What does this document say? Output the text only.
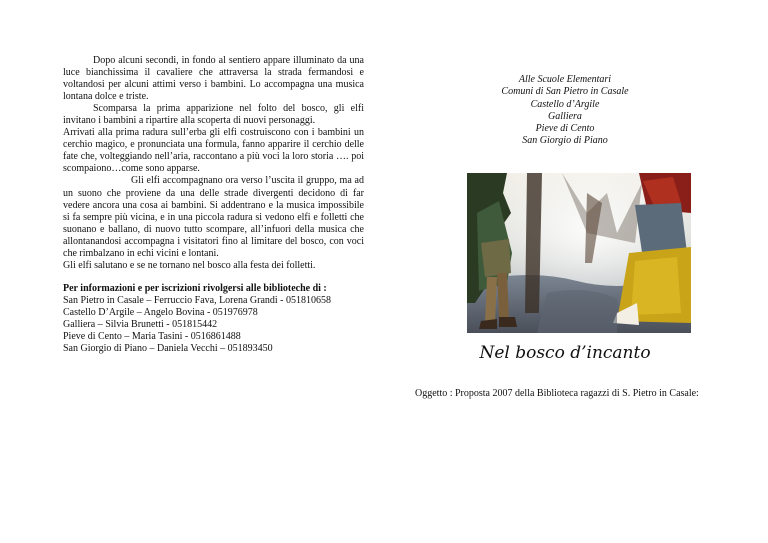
Dopo alcuni secondi, in fondo al sentiero appare illuminato da una luce bianchissima il cavaliere che attraversa la strada fermandosi e voltandosi per alcuni attimi verso i bambini. Lo accompagna una musica lontana dolce e triste.

Scomparsa la prima apparizione nel folto del bosco, gli elfi invitano i bambini a ripartire alla scoperta di nuovi personaggi.

Arrivati alla prima radura sull’erba gli elfi costruiscono con i bambini un cerchio magico, e pronunciata una formula, fanno apparire il cerchio delle fate che, volteggiando nell’aria, raccontano a più voci la loro storia …. poi scompaiono…come sono apparse.

Gli elfi accompagnano ora verso l’uscita il gruppo, ma ad un suono che proviene da una delle strade divergenti decidono di far vedere ancora una cosa ai bambini. Si addentrano e la musica impossibile si fa sempre più vicina, e in una piccola radura si vedono elfi e folletti che suonano e ballano, di nuovo tutto scompare, all’infuori della musica che allontanandosi accompagna i visitatori fino al limitare del bosco, con voci che rimbalzano in echi vicini e lontani.

Gli elfi salutano e se ne tornano nel bosco alla festa dei folletti.

Per informazioni e per iscrizioni rivolgersi alle biblioteche di :
San Pietro in Casale – Ferruccio Fava, Lorena Grandi - 051810658
Castello D’Argile – Angelo Bovina - 051976978
Galliera – Silvia Brunetti - 051815442
Pieve di Cento – Maria Tasini - 0516861488
San Giorgio di Piano – Daniela Vecchi – 051893450
Alle Scuole Elementari
Comuni di San Pietro in Casale
Castello d’Argile
Galliera
Pieve di Cento
San Giorgio di Piano
Nel bosco d’incanto
Oggetto : Proposta 2007 della Biblioteca ragazzi di S. Pietro in Casale:
